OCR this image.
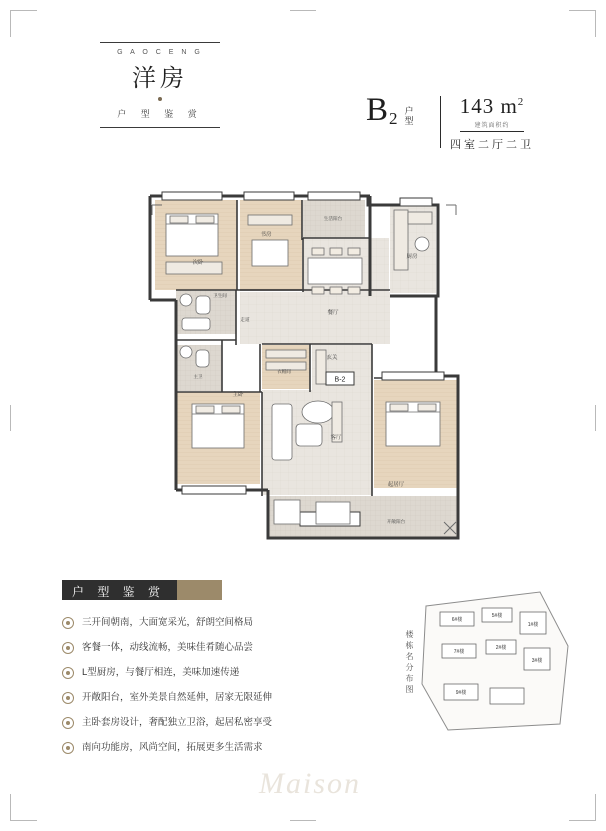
G A O C E N G
洋房
户 型 鉴 赏	B 2 户型	143 $m^2$
建筑面积约
四室二厅二卫
次卧
书房
生活阳台
厨房
卫生间
餐厅
走道
玄关
主卫
衣帽间
主卧
客厅
起居厅
开敞阳台
B-2
户 型 鉴 赏
三开间朝南，大面宽采光，舒朗空间格局
客餐一体，动线流畅，美味佳肴随心品尝
L型厨房，与餐厅相连，美味加速传递
开敞阳台，室外美景自然延伸，居家无限延伸
主卧套房设计，奢配独立卫浴，起居私密享受
南向功能房，风尚空间，拓展更多生活需求
楼栋名分布图
6#楼
5#楼
1#楼
7#楼
2#楼
3#楼
9#楼
Maison
